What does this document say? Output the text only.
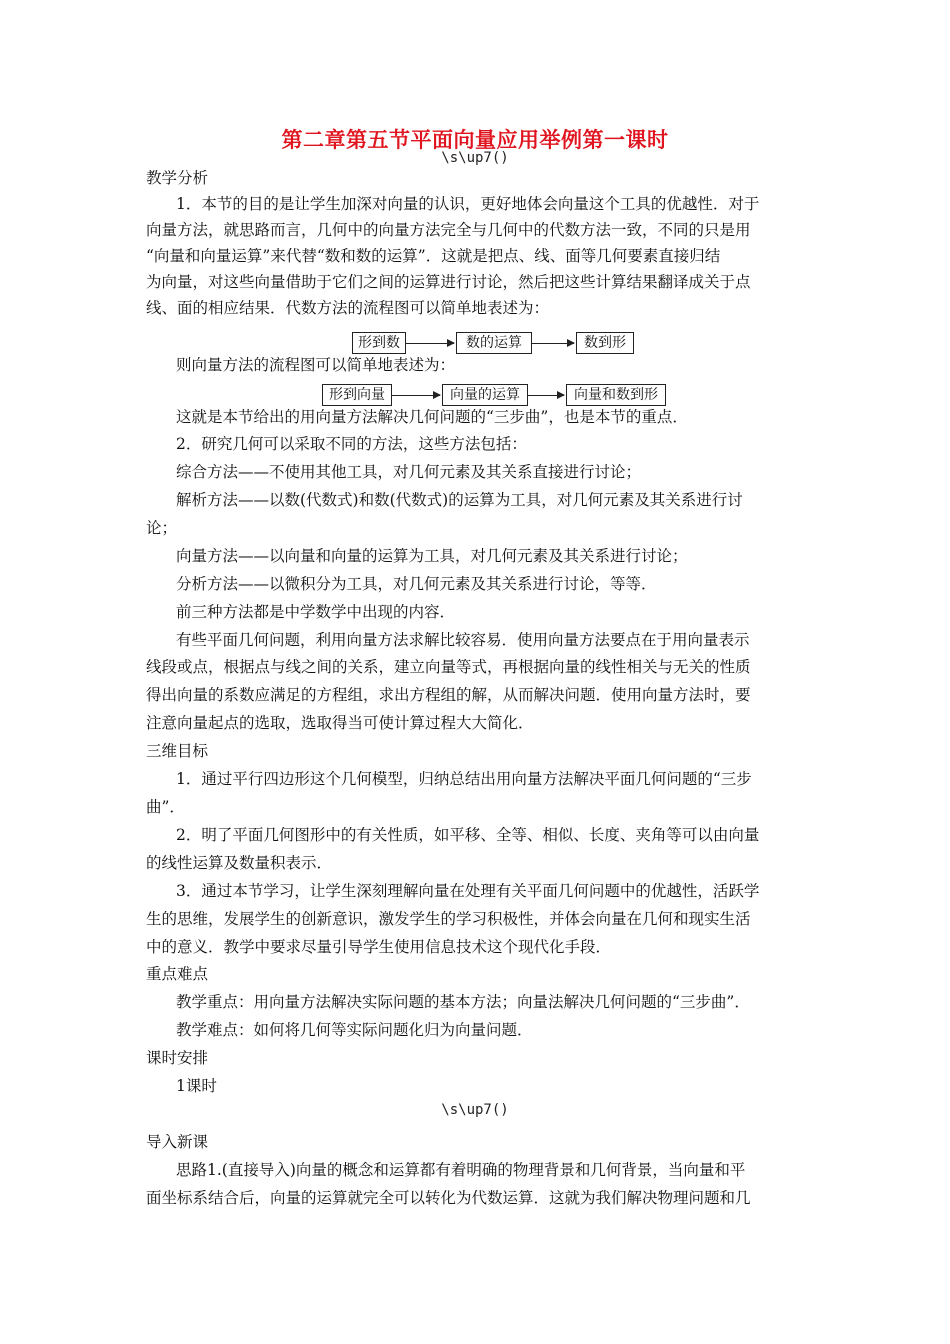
第二章第五节平面向量应用举例第一课时
\s\up7()
教学分析
1．本节的目的是让学生加深对向量的认识，更好地体会向量这个工具的优越性．对于
向量方法，就思路而言，几何中的向量方法完全与几何中的代数方法一致，不同的只是用
“向量和向量运算”来代替“数和数的运算”．这就是把点、线、面等几何要素直接归结
为向量，对这些向量借助于它们之间的运算进行讨论，然后把这些计算结果翻译成关于点
线、面的相应结果．代数方法的流程图可以简单地表述为：
形到数	数的运算	数到形
则向量方法的流程图可以简单地表述为：
形到向量	向量的运算	向量和数到形
这就是本节给出的用向量方法解决几何问题的“三步曲”，也是本节的重点．
2．研究几何可以采取不同的方法，这些方法包括：
综合方法——不使用其他工具，对几何元素及其关系直接进行讨论；
解析方法——以数(代数式)和数(代数式)的运算为工具，对几何元素及其关系进行讨
论；
向量方法——以向量和向量的运算为工具，对几何元素及其关系进行讨论；
分析方法——以微积分为工具，对几何元素及其关系进行讨论，等等．
前三种方法都是中学数学中出现的内容．
有些平面几何问题，利用向量方法求解比较容易．使用向量方法要点在于用向量表示
线段或点，根据点与线之间的关系，建立向量等式，再根据向量的线性相关与无关的性质
得出向量的系数应满足的方程组，求出方程组的解，从而解决问题．使用向量方法时，要
注意向量起点的选取，选取得当可使计算过程大大简化．
三维目标
1．通过平行四边形这个几何模型，归纳总结出用向量方法解决平面几何问题的“三步
曲”．
2．明了平面几何图形中的有关性质，如平移、全等、相似、长度、夹角等可以由向量
的线性运算及数量积表示．
3．通过本节学习，让学生深刻理解向量在处理有关平面几何问题中的优越性，活跃学
生的思维，发展学生的创新意识，激发学生的学习积极性，并体会向量在几何和现实生活
中的意义．教学中要求尽量引导学生使用信息技术这个现代化手段．
重点难点
教学重点：用向量方法解决实际问题的基本方法；向量法解决几何问题的“三步曲”．
教学难点：如何将几何等实际问题化归为向量问题．
课时安排
1课时
\s\up7()
导入新课
思路1.(直接导入)向量的概念和运算都有着明确的物理背景和几何背景，当向量和平
面坐标系结合后，向量的运算就完全可以转化为代数运算．这就为我们解决物理问题和几
